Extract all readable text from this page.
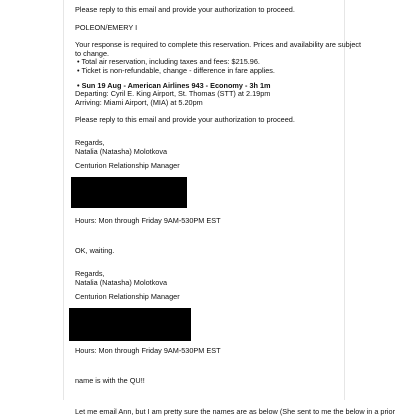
Please reply to this email and provide your authorization to proceed.
POLEON/EMERY I
Your response is required to complete this reservation. Prices and availability are subject
to change.
• Total air reservation, including taxes and fees: $215.96.
• Ticket is non-refundable, change - difference in fare applies.
• Sun 19 Aug - American Airlines 943 - Economy - 3h 1m
Departing: Cyril E. King Airport, St. Thomas (STT) at 2.19pm
Arriving: Miami Airport, (MIA) at 5.20pm
Please reply to this email and provide your authorization to proceed.
Regards,
Natalia (Natasha) Molotkova
Centurion Relationship Manager
Hours: Mon through Friday 9AM-530PM EST
OK, waiting.
Regards,
Natalia (Natasha) Molotkova
Centurion Relationship Manager
Hours: Mon through Friday 9AM-530PM EST
name is with the QU!!
Let me email Ann, but I am pretty sure the names are as below (She sent to me the below in a prior
